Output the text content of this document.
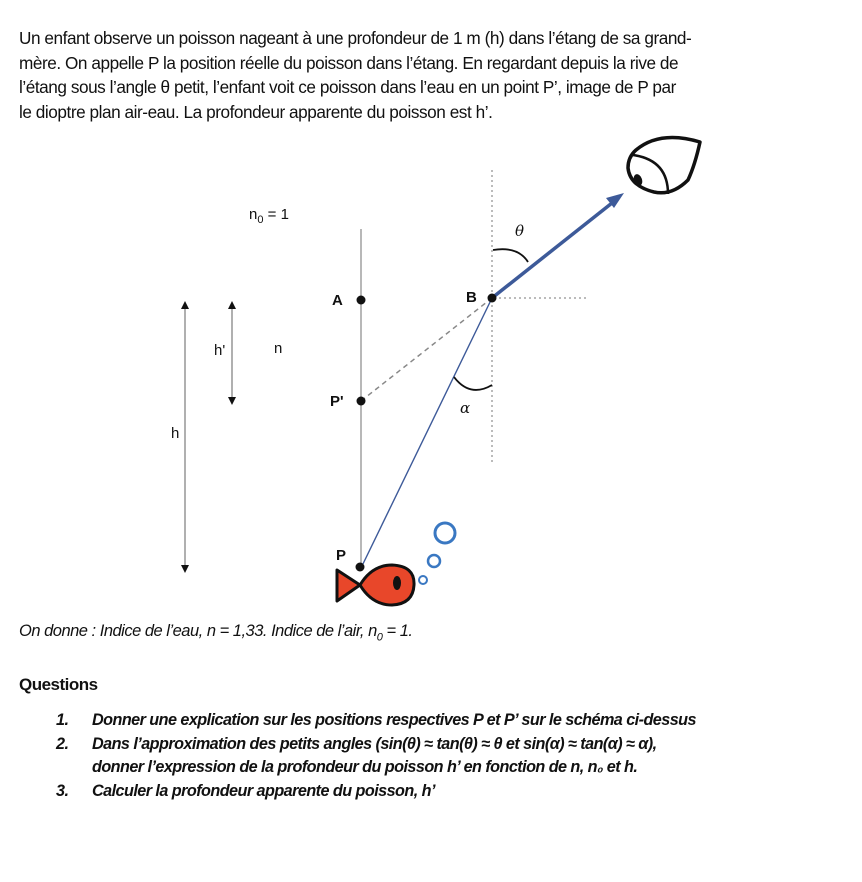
Un enfant observe un poisson nageant à une profondeur de 1 m (h) dans l’étang de sa grand-
mère. On appelle P la position réelle du poisson dans l’étang. En regardant depuis la rive de
l’étang sous l’angle θ petit, l’enfant voit ce poisson dans l’eau en un point P’, image de P par
le dioptre plan air-eau. La profondeur apparente du poisson est h’.
$n_0 = 1$
h
h'	n
θ
α
A	B
P'
P

On donne : Indice de l’eau, n = 1,33. Indice de l’air, $n_0 = 1$.

Questions
1. Donner une explication sur les positions respectives P et P’ sur le schéma ci-dessus
2. Dans l’approximation des petits angles (sin(θ) ≈ tan(θ) ≈ θ et sin(α) ≈ tan(α) ≈ α),
donner l’expression de la profondeur du poisson h’ en fonction de n, n₀ et h.
3. Calculer la profondeur apparente du poisson, h’
